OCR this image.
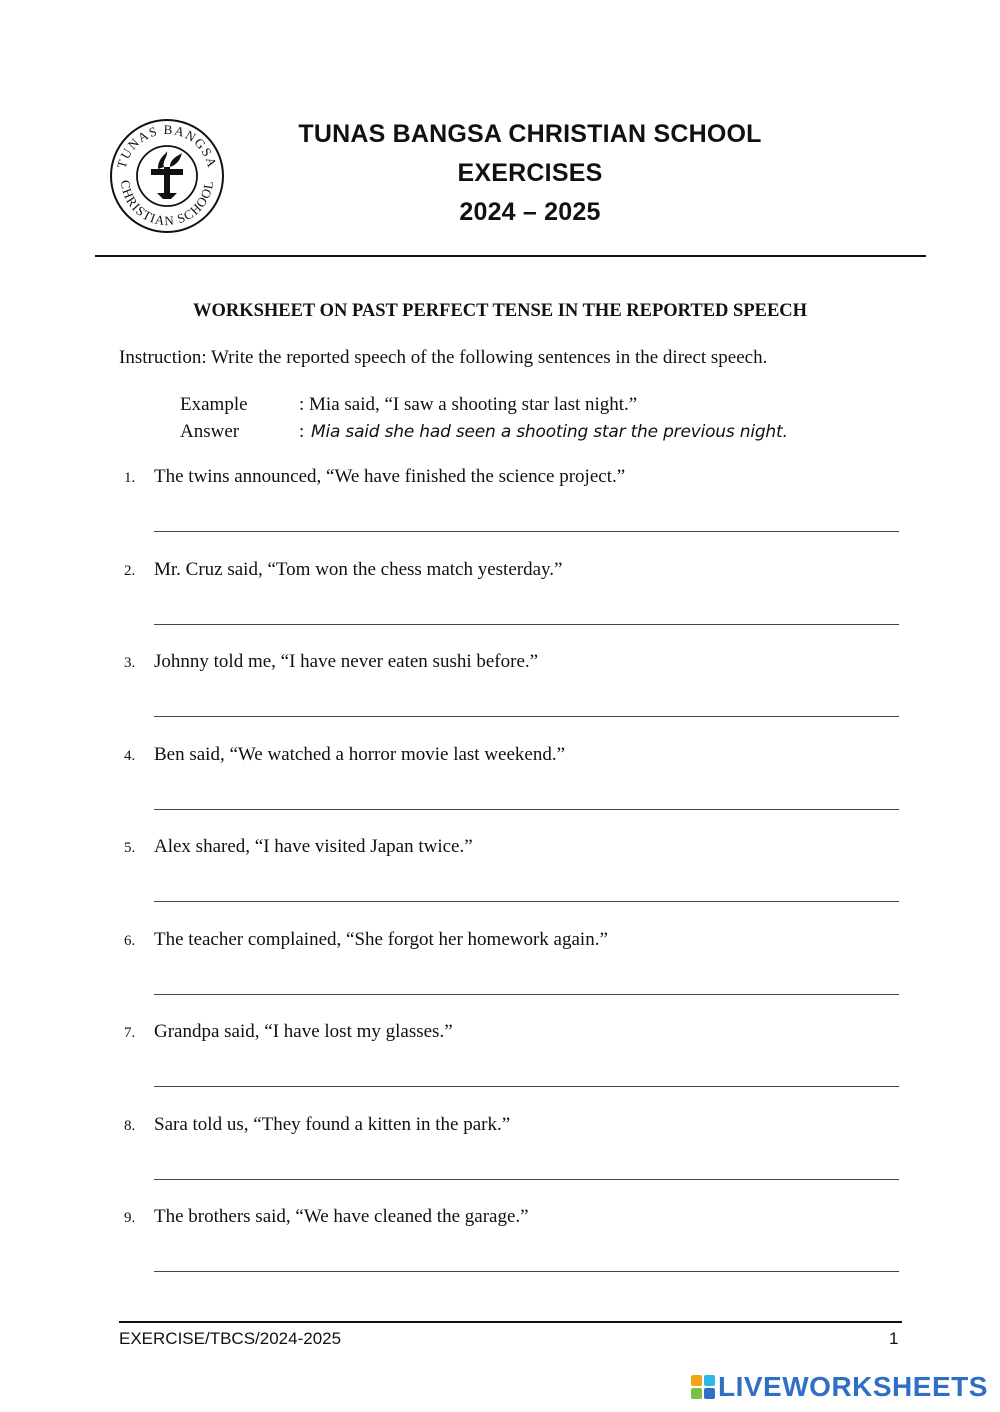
TUNAS BANGSA
CHRISTIAN SCHOOL
TUNAS BANGSA CHRISTIAN SCHOOL
EXERCISES
2024 – 2025
WORKSHEET ON PAST PERFECT TENSE IN THE REPORTED SPEECH
Instruction: Write the reported speech of the following sentences in the direct speech.
Example	: Mia said, “I saw a shooting star last night.”
Answer	: Mia said she had seen a shooting star the previous night.
1. The twins announced, “We have finished the science project.”
2. Mr. Cruz said, “Tom won the chess match yesterday.”
3. Johnny told me, “I have never eaten sushi before.”
4. Ben said, “We watched a horror movie last weekend.”
5. Alex shared, “I have visited Japan twice.”
6. The teacher complained, “She forgot her homework again.”
7. Grandpa said, “I have lost my glasses.”
8. Sara told us, “They found a kitten in the park.”
9. The brothers said, “We have cleaned the garage.”
EXERCISE/TBCS/2024-2025	1
LIVEWORKSHEETS
